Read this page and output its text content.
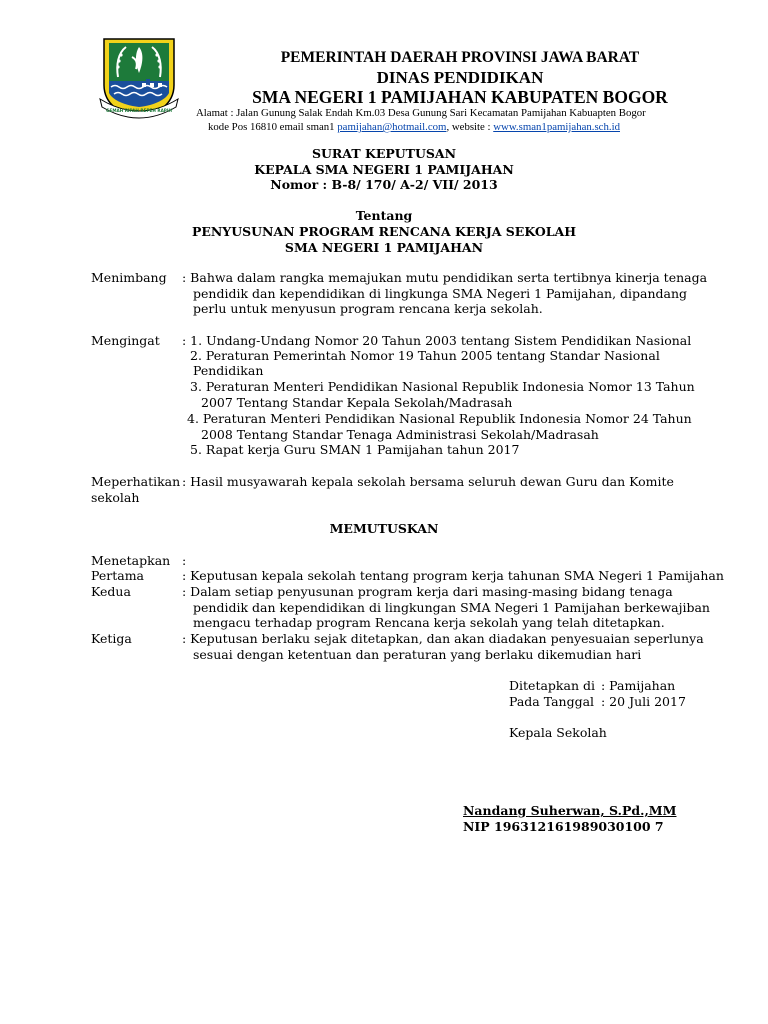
GEMAH RIPAH REPEH RAPIH
PEMERINTAH DAERAH PROVINSI JAWA BARAT
DINAS PENDIDIKAN
SMA NEGERI 1 PAMIJAHAN KABUPATEN BOGOR
Alamat : Jalan Gunung Salak Endah Km.03 Desa Gunung Sari Kecamatan Pamijahan Kabuapten Bogor
kode Pos 16810 email sman1 pamijahan@hotmail.com, website : www.sman1pamijahan.sch.id
SURAT KEPUTUSAN
KEPALA SMA NEGERI 1 PAMIJAHAN
Nomor : B-8/ 170/ A-2/ VII/ 2013
Tentang
PENYUSUNAN PROGRAM RENCANA KERJA SEKOLAH
SMA NEGERI 1 PAMIJAHAN
Menimbang : Bahwa dalam rangka memajukan mutu pendidikan serta tertibnya kinerja tenaga
pendidik dan kependidikan di lingkunga SMA Negeri 1 Pamijahan, dipandang
perlu untuk menyusun program rencana kerja sekolah.
Mengingat : 1. Undang-Undang Nomor 20 Tahun 2003 tentang Sistem Pendidikan Nasional
2. Peraturan Pemerintah Nomor 19 Tahun 2005 tentang Standar Nasional
Pendidikan
3. Peraturan Menteri Pendidikan Nasional Republik Indonesia Nomor 13 Tahun
2007 Tentang Standar Kepala Sekolah/Madrasah
4. Peraturan Menteri Pendidikan Nasional Republik Indonesia Nomor 24 Tahun
2008 Tentang Standar Tenaga Administrasi Sekolah/Madrasah
5. Rapat kerja Guru SMAN 1 Pamijahan tahun 2017
Meperhatikan : Hasil musyawarah kepala sekolah bersama seluruh dewan Guru dan Komite
sekolah
MEMUTUSKAN
Menetapkan :
Pertama	: Keputusan kepala sekolah tentang program kerja tahunan SMA Negeri 1 Pamijahan
Kedua	: Dalam setiap penyusunan program kerja dari masing-masing bidang tenaga
pendidik dan kependidikan di lingkungan SMA Negeri 1 Pamijahan berkewajiban
mengacu terhadap program Rencana kerja sekolah yang telah ditetapkan.
Ketiga	: Keputusan berlaku sejak ditetapkan, dan akan diadakan penyesuaian seperlunya
sesuai dengan ketentuan dan peraturan yang berlaku dikemudian hari
Ditetapkan di : Pamijahan
Pada Tanggal : 20 Juli 2017
Kepala Sekolah
Nandang Suherwan, S.Pd.,MM
NIP 196312161989030100 7
